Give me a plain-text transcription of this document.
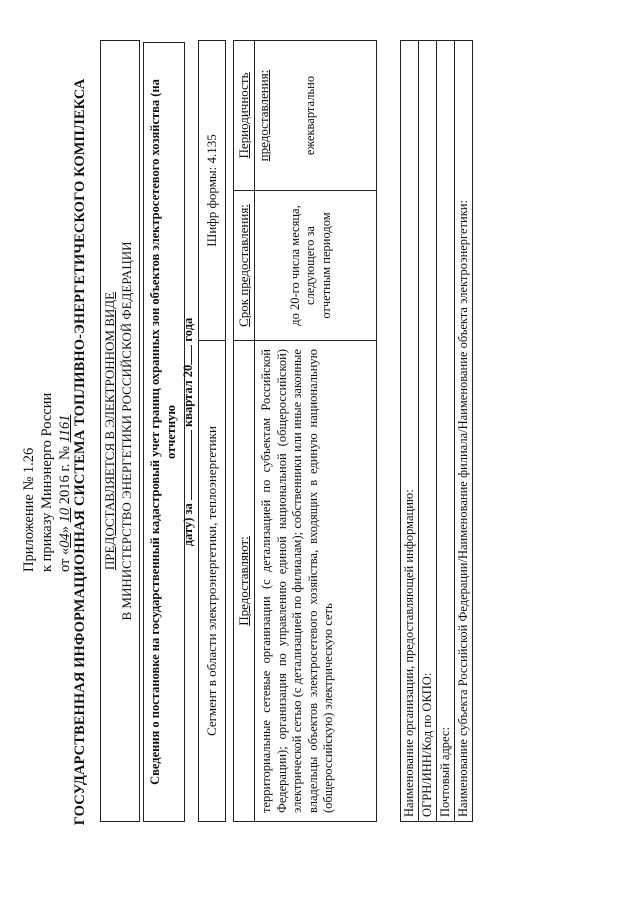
Приложение № 1.26 к приказу Минэнерго России от «04» 10 2016 г. № 1161 ГОСУДАРСТВЕННАЯ ИНФОРМАЦИОННАЯ СИСТЕМА ТОПЛИВНО-ЭНЕРГЕТИЧЕСКОГО КОМПЛЕКСА ПРЕДОСТАВЛЯЕТСЯ В ЭЛЕКТРОННОМ ВИДЕ В МИНИСТЕРСТВО ЭНЕРГЕТИКИ РОССИЙСКОЙ ФЕДЕРАЦИИ	Сведения о постановке на государственный кадастровый учет границ охранных зон объектов электросетевого хозяйства (на отчетную
дату) за  квартал 20 года
Сегмент в области электроэнергетики, теплоэнергетики
Шифр формы: 4.135
Предоставляют: территориальные сетевые организации (с детализацией по субъектам Российской Федерации); организация по управлению единой национальной (общероссийской) электрической сетью (с детализацией по филиалам); собственники или иные законные владельцы объектов электросетевого хозяйства, входящих в единую национальную (общероссийскую) электрическую сеть
Срок предоставления:	до 20-го числа месяца, следующего за отчетным периодом
Периодичность предоставления:	ежеквартально
Наименование организации, предоставляющей информацию: ОГРН/ИНН/Код по ОКПО: Почтовый адрес: Наименование субъекта Российской Федерации/Наименование филиала/Наименование объекта электроэнергетики:
